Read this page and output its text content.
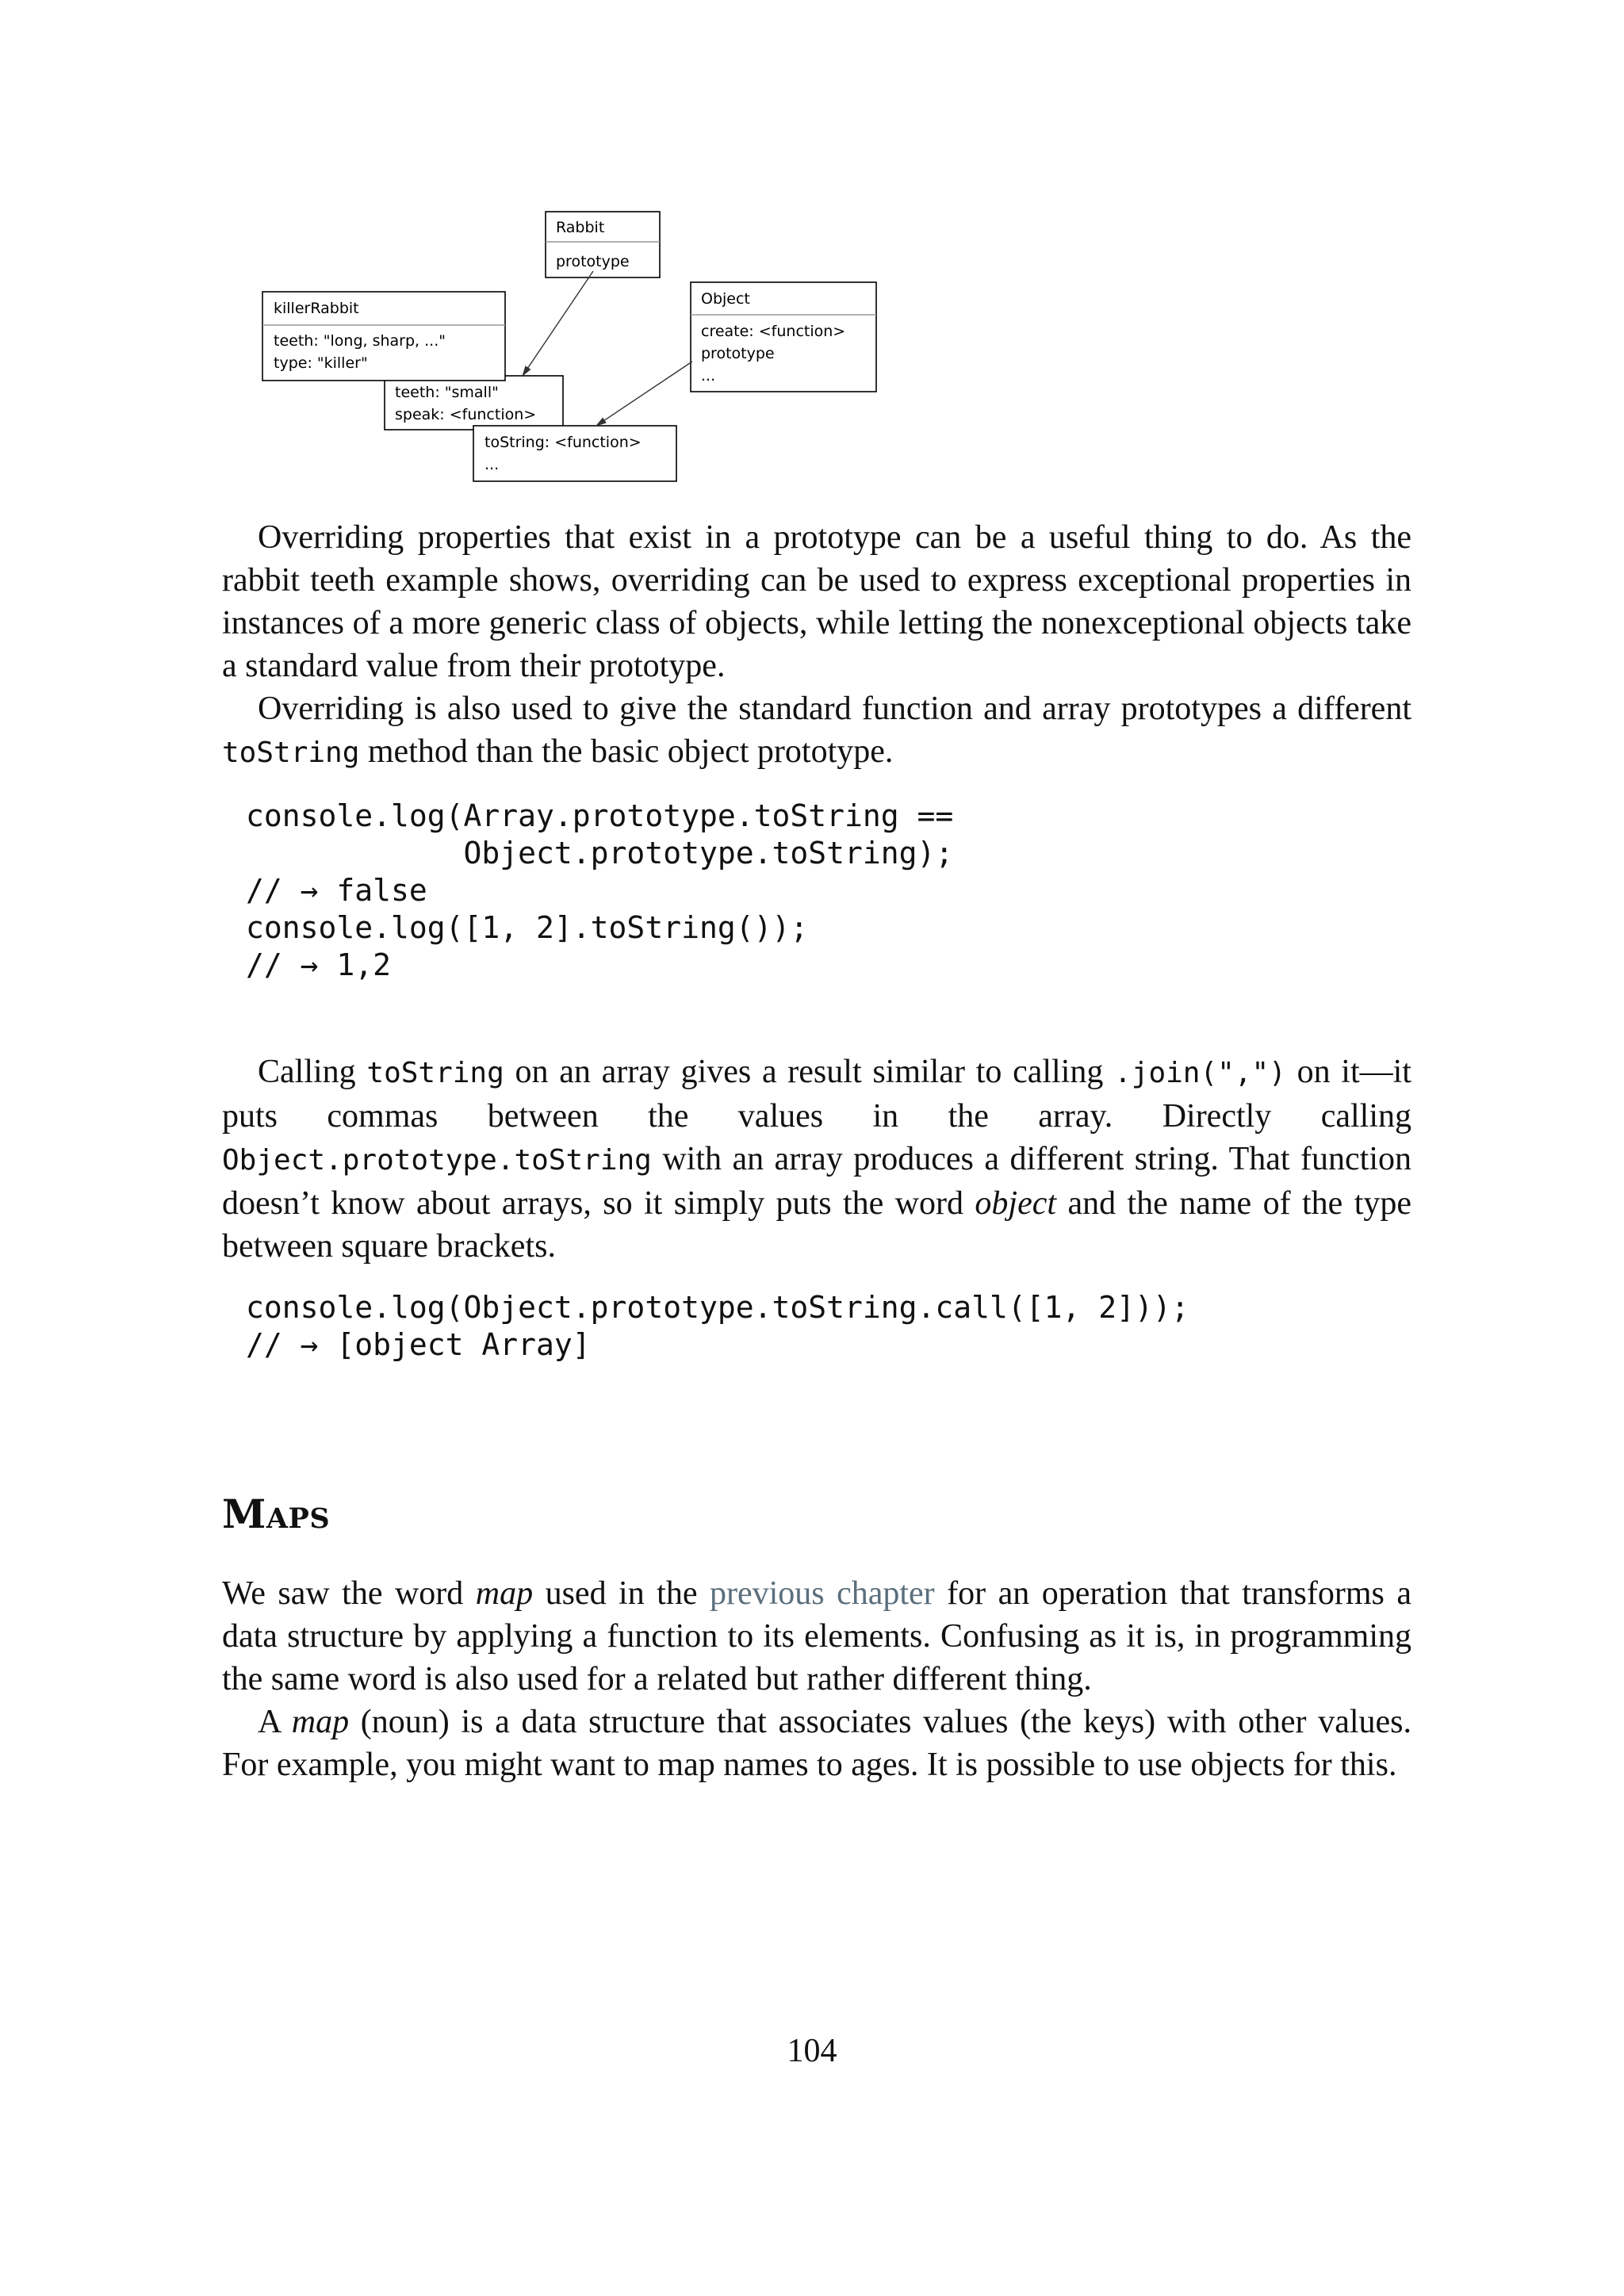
Rabbit
prototype
teeth: "small"
speak: <function>
killerRabbit
teeth: "long, sharp, ..."
type: "killer"
toString: <function>
...
Object
create: <function>
prototype
...

Overriding properties that exist in a prototype can be a useful thing to do. As the rabbit teeth example shows, overriding can be used to express exceptional properties in instances of a more generic class of objects, while letting the nonexceptional objects take a standard value from their prototype.

Overriding is also used to give the standard function and array prototypes a different toString method than the basic object prototype.

console.log(Array.prototype.toString ==
Object.prototype.toString);
// → false
console.log([1, 2].toString());
// → 1,2

Calling toString on an array gives a result similar to calling .join(",") on it—it puts commas between the values in the array. Directly calling Object.prototype.toString with an array produces a different string. That function doesn’t know about arrays, so it simply puts the word object and the name of the type between square brackets.

console.log(Object.prototype.toString.call([1, 2]));
// → [object Array]
Maps

We saw the word map used in the previous chapter for an operation that transforms a data structure by applying a function to its elements. Confusing as it is, in programming the same word is also used for a related but rather different thing.

A map (noun) is a data structure that associates values (the keys) with other values. For example, you might want to map names to ages. It is possible to use objects for this.

104
